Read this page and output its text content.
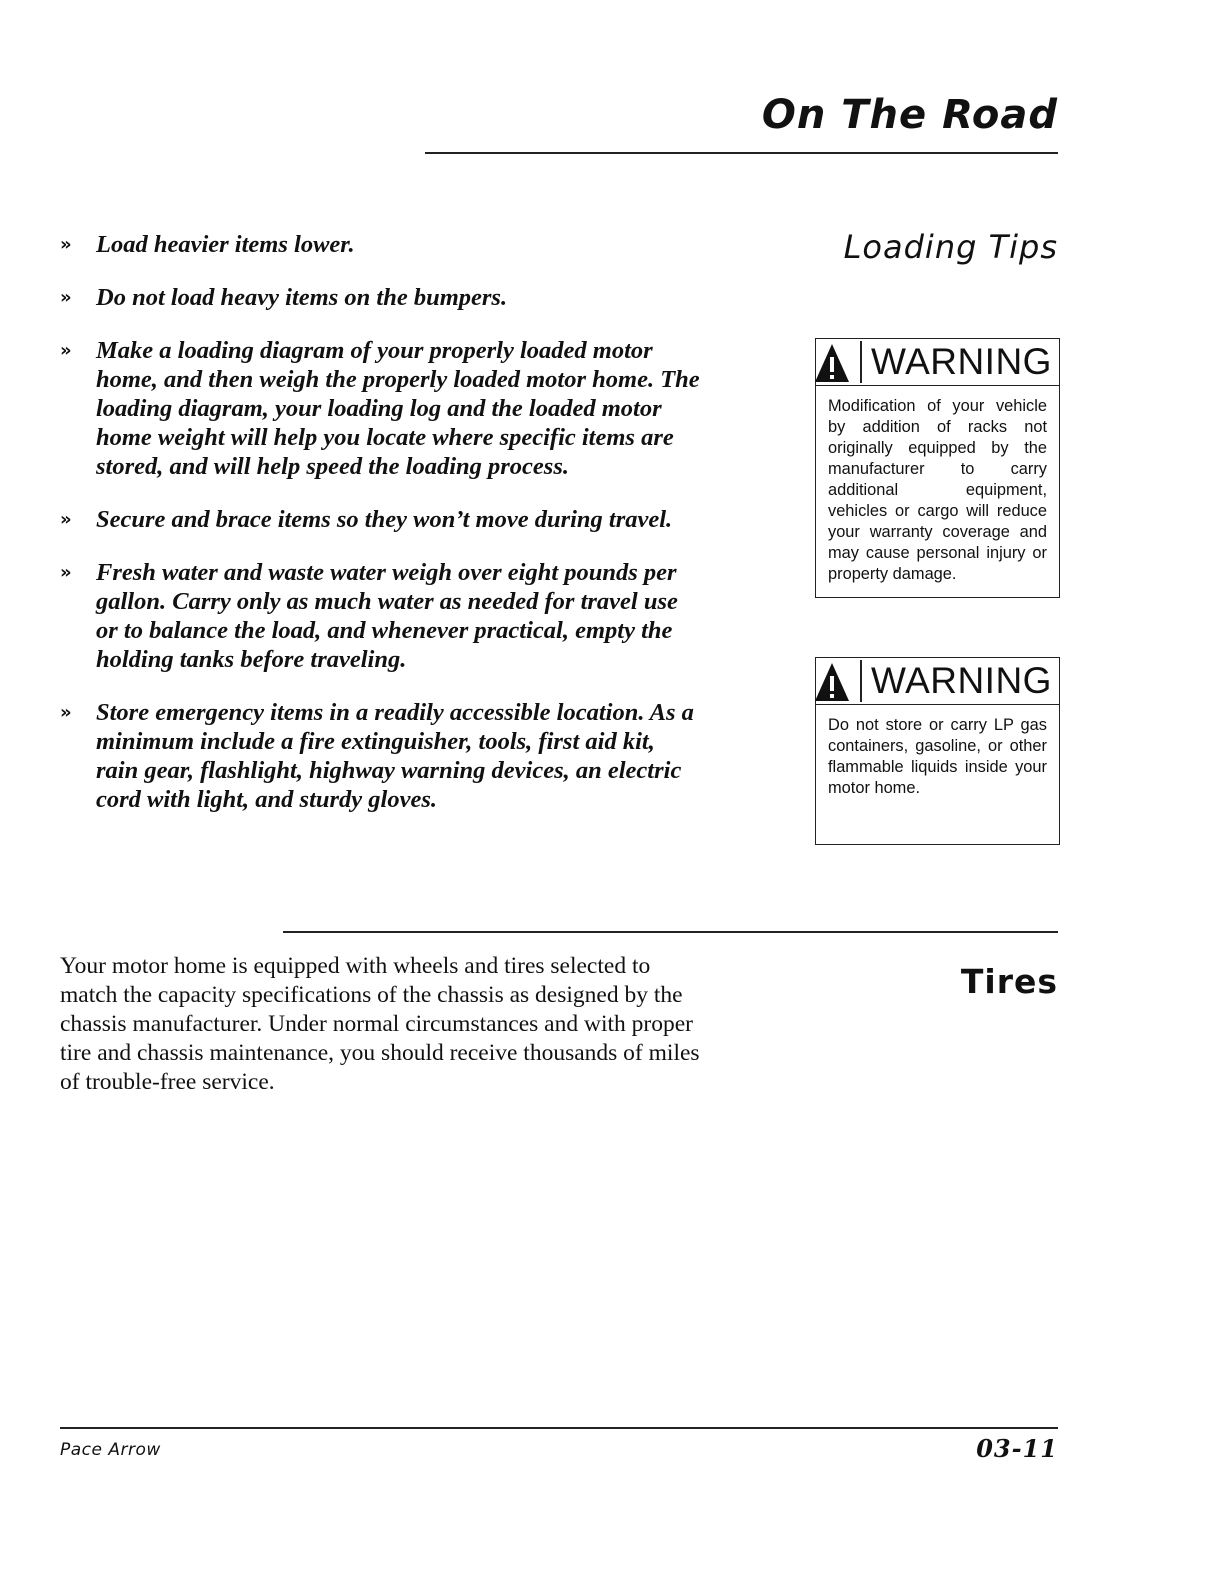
On The Road
Loading Tips
» Load heavier items lower.
» Do not load heavy items on the bumpers.
» Make a loading diagram of your properly loaded motor home, and then weigh the properly loaded motor home. The loading diagram, your loading log and the loaded motor home weight will help you locate where specific items are stored, and will help speed the loading process.
» Secure and brace items so they won’t move during travel.
» Fresh water and waste water weigh over eight pounds per gallon. Carry only as much water as needed for travel use or to balance the load, and whenever practical, empty the holding tanks before traveling.
» Store emergency items in a readily accessible location. As a minimum include a fire extinguisher, tools, first aid kit, rain gear, flashlight, highway warning devices, an electric cord with light, and sturdy gloves.
WARNING
Modification of your vehicle by addition of racks not originally equipped by the manufacturer to carry additional equipment, vehicles or cargo will reduce your warranty coverage and may cause personal injury or property damage.
WARNING
Do not store or carry LP gas containers, gasoline, or other flammable liquids inside your motor home.
Tires
Your motor home is equipped with wheels and tires selected to match the capacity specifications of the chassis as designed by the chassis manufacturer. Under normal circumstances and with proper tire and chassis maintenance, you should receive thousands of miles of trouble-free service.
Pace Arrow	03-11
